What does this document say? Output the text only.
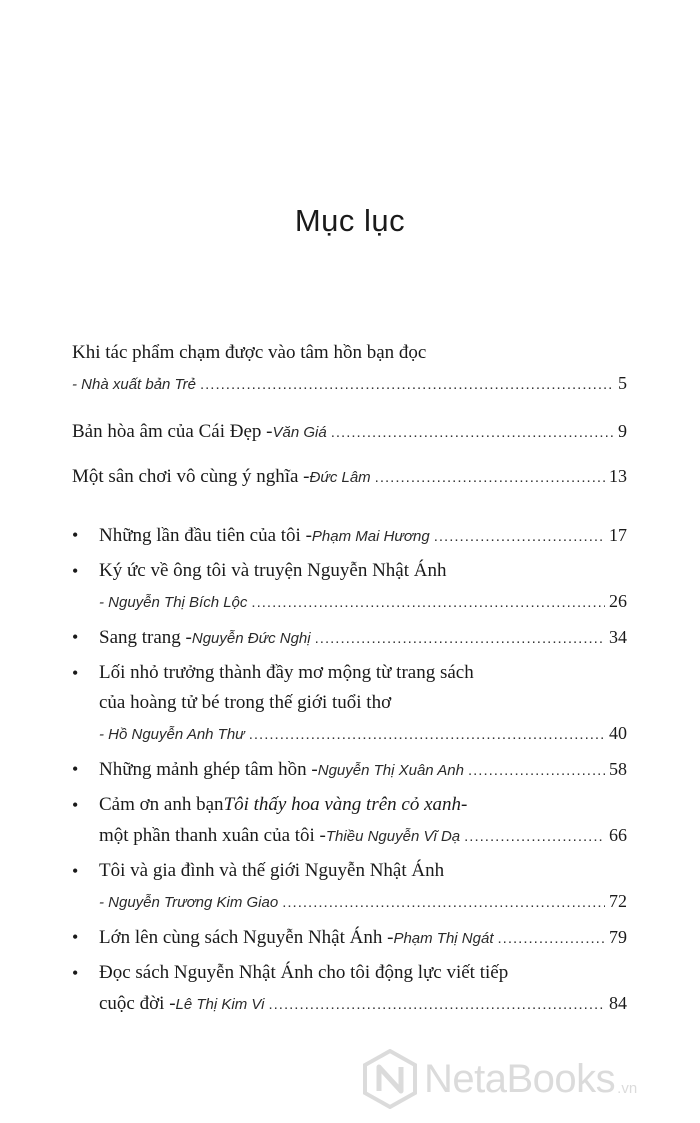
Mục lục
Khi tác phẩm chạm được vào tâm hồn bạn đọc
- Nhà xuất bản Trẻ .....	5
Bản hòa âm của Cái Đẹp - Văn Giá .....	9
Một sân chơi vô cùng ý nghĩa - Đức Lâm .....	13
• Những lần đầu tiên của tôi - Phạm Mai Hương .....	17
• Ký ức về ông tôi và truyện Nguyễn Nhật Ánh
- Nguyễn Thị Bích Lộc .....	26
• Sang trang - Nguyễn Đức Nghị .....	34
• Lối nhỏ trưởng thành đầy mơ mộng từ trang sách
của hoàng tử bé trong thế giới tuổi thơ
- Hồ Nguyễn Anh Thư .....	40
• Những mảnh ghép tâm hồn - Nguyễn Thị Xuân Anh .....	58
• Cảm ơn anh bạn Tôi thấy hoa vàng trên cỏ xanh -
một phần thanh xuân của tôi - Thiều Nguyễn Vĩ Dạ .....	66
• Tôi và gia đình và thế giới Nguyễn Nhật Ánh
- Nguyễn Trương Kim Giao .....	72
• Lớn lên cùng sách Nguyễn Nhật Ánh - Phạm Thị Ngát .....	79
• Đọc sách Nguyễn Nhật Ánh cho tôi động lực viết tiếp
cuộc đời - Lê Thị Kim Vi .....	84
NetaBooks .vn
